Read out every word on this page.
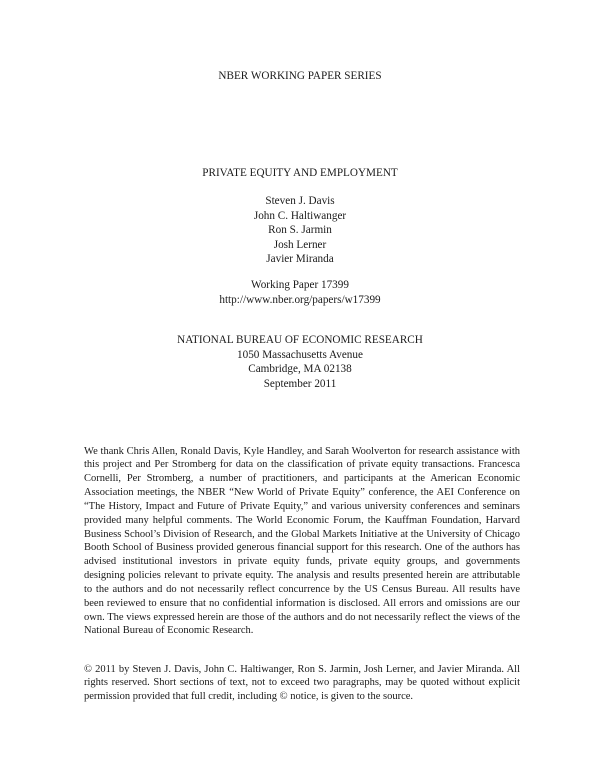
NBER WORKING PAPER SERIES
PRIVATE EQUITY AND EMPLOYMENT
Steven J. Davis
John C. Haltiwanger
Ron S. Jarmin
Josh Lerner
Javier Miranda
Working Paper 17399
http://www.nber.org/papers/w17399
NATIONAL BUREAU OF ECONOMIC RESEARCH
1050 Massachusetts Avenue
Cambridge, MA 02138
September 2011

We thank Chris Allen, Ronald Davis, Kyle Handley, and Sarah Woolverton for research assistance with this project and Per Stromberg for data on the classification of private equity transactions. Francesca Cornelli, Per Stromberg, a number of practitioners, and participants at the American Economic Association meetings, the NBER “New World of Private Equity” conference, the AEI Conference on “The History, Impact and Future of Private Equity,” and various university conferences and seminars provided many helpful comments. The World Economic Forum, the Kauffman Foundation, Harvard Business School’s Division of Research, and the Global Markets Initiative at the University of Chicago Booth School of Business provided generous financial support for this research. One of the authors has advised institutional investors in private equity funds, private equity groups, and governments designing policies relevant to private equity. The analysis and results presented herein are attributable to the authors and do not necessarily reflect concurrence by the US Census Bureau. All results have been reviewed to ensure that no confidential information is disclosed. All errors and omissions are our own. The views expressed herein are those of the authors and do not necessarily reflect the views of the National Bureau of Economic Research.

© 2011 by Steven J. Davis, John C. Haltiwanger, Ron S. Jarmin, Josh Lerner, and Javier Miranda. All rights reserved. Short sections of text, not to exceed two paragraphs, may be quoted without explicit permission provided that full credit, including © notice, is given to the source.
